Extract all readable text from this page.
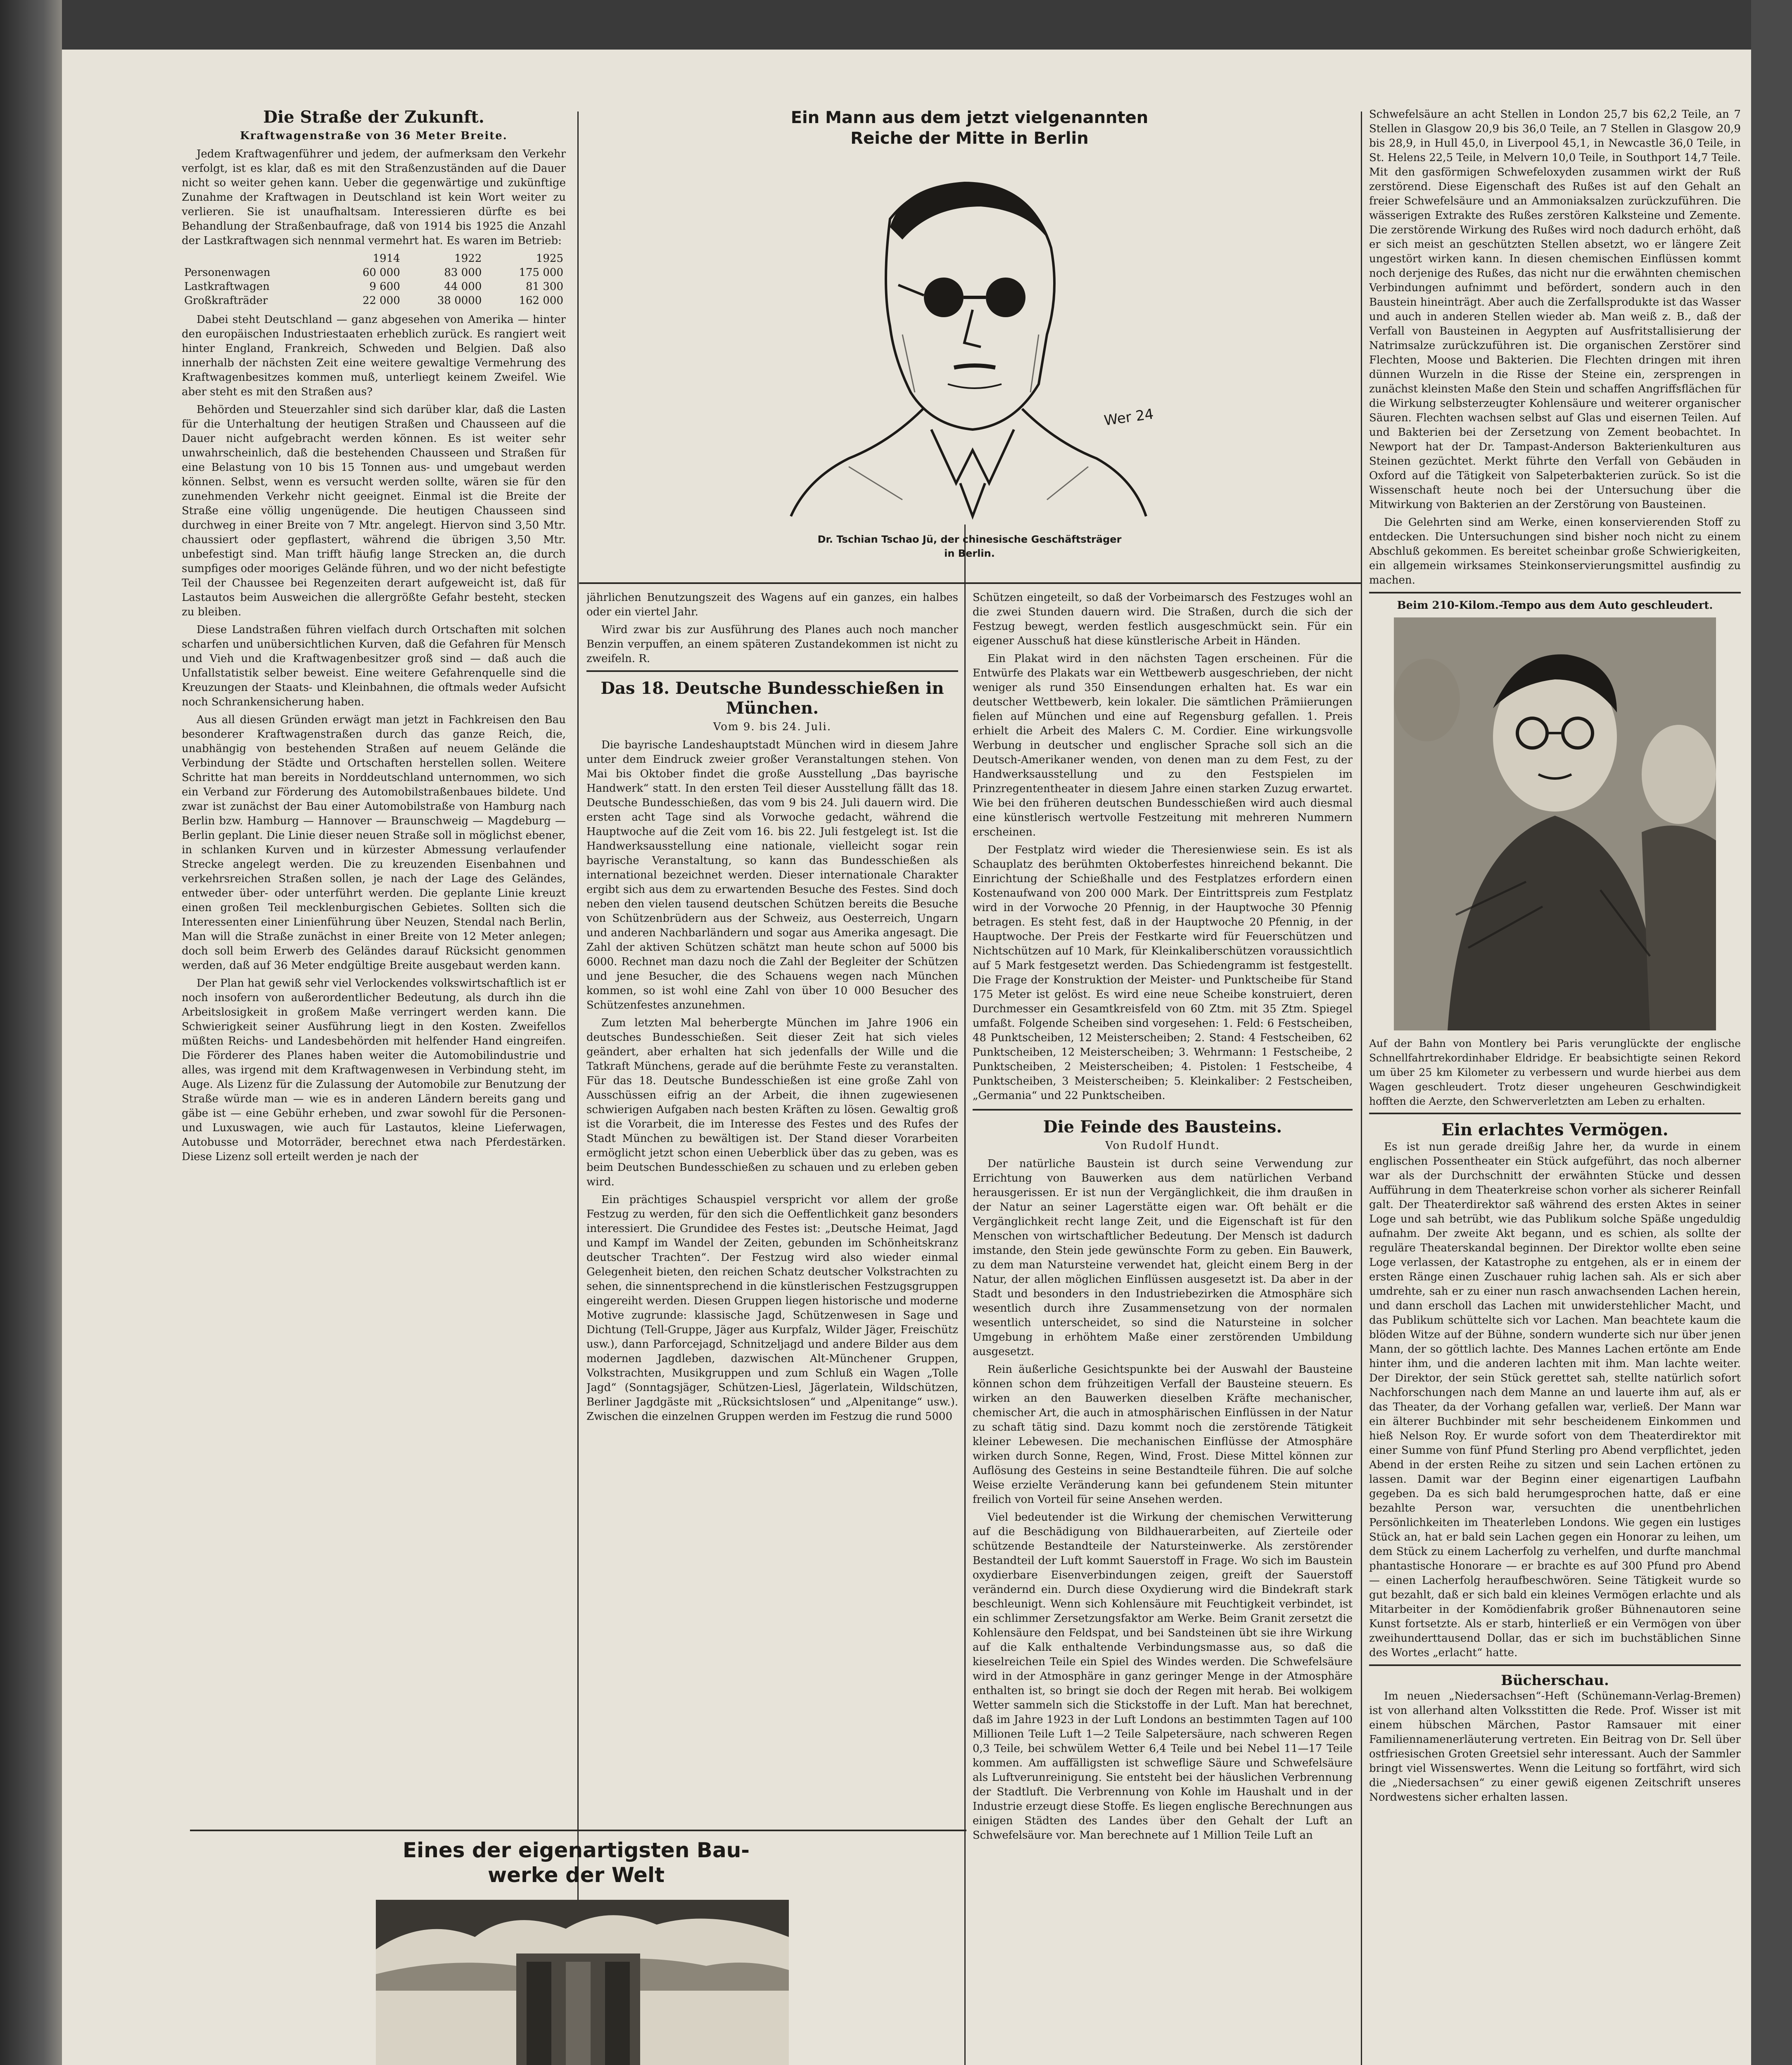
Die Straße der Zukunft.
Kraftwagenstraße von 36 Meter Breite.

Jedem Kraftwagenführer und jedem, der aufmerksam den Verkehr verfolgt, ist es klar, daß es mit den Straßenzuständen auf die Dauer nicht so weiter gehen kann. Ueber die gegenwärtige und zukünftige Zunahme der Kraftwagen in Deutschland ist kein Wort weiter zu verlieren. Sie ist unaufhaltsam. Interessieren dürfte es bei Behandlung der Straßenbaufrage, daß von 1914 bis 1925 die Anzahl der Lastkraftwagen sich nennmal vermehrt hat. Es waren im Betrieb:

	1914	1922	1925
Personenwagen	60 000	83 000	175 000
Lastkraftwagen	9 600	44 000	81 300
Großkrafträder	22 000	38 0000	162 000

Dabei steht Deutschland — ganz abgesehen von Amerika — hinter den europäischen Industriestaaten erheblich zurück. Es rangiert weit hinter England, Frankreich, Schweden und Belgien. Daß also innerhalb der nächsten Zeit eine weitere gewaltige Vermehrung des Kraftwagenbesitzes kommen muß, unterliegt keinem Zweifel. Wie aber steht es mit den Straßen aus?

Behörden und Steuerzahler sind sich darüber klar, daß die Lasten für die Unterhaltung der heutigen Straßen und Chausseen auf die Dauer nicht aufgebracht werden können. Es ist weiter sehr unwahrscheinlich, daß die bestehenden Chausseen und Straßen für eine Belastung von 10 bis 15 Tonnen aus- und umgebaut werden können. Selbst, wenn es versucht werden sollte, wären sie für den zunehmenden Verkehr nicht geeignet. Einmal ist die Breite der Straße eine völlig ungenügende. Die heutigen Chausseen sind durchweg in einer Breite von 7 Mtr. angelegt. Hiervon sind 3,50 Mtr. chaussiert oder gepflastert, während die übrigen 3,50 Mtr. unbefestigt sind. Man trifft häufig lange Strecken an, die durch sumpfiges oder mooriges Gelände führen, und wo der nicht befestigte Teil der Chaussee bei Regenzeiten derart aufgeweicht ist, daß für Lastautos beim Ausweichen die allergrößte Gefahr besteht, stecken zu bleiben.

Diese Landstraßen führen vielfach durch Ortschaften mit solchen scharfen und unübersichtlichen Kurven, daß die Gefahren für Mensch und Vieh und die Kraftwagenbesitzer groß sind — daß auch die Unfallstatistik selber beweist. Eine weitere Gefahrenquelle sind die Kreuzungen der Staats- und Kleinbahnen, die oftmals weder Aufsicht noch Schrankensicherung haben.

Aus all diesen Gründen erwägt man jetzt in Fachkreisen den Bau besonderer Kraftwagenstraßen durch das ganze Reich, die, unabhängig von bestehenden Straßen auf neuem Gelände die Verbindung der Städte und Ortschaften herstellen sollen. Weitere Schritte hat man bereits in Norddeutschland unternommen, wo sich ein Verband zur Förderung des Automobilstraßenbaues bildete. Und zwar ist zunächst der Bau einer Automobilstraße von Hamburg nach Berlin bzw. Hamburg — Hannover — Braunschweig — Magdeburg — Berlin geplant. Die Linie dieser neuen Straße soll in möglichst ebener, in schlanken Kurven und in kürzester Abmessung verlaufender Strecke angelegt werden. Die zu kreuzenden Eisenbahnen und verkehrsreichen Straßen sollen, je nach der Lage des Geländes, entweder über- oder unterführt werden. Die geplante Linie kreuzt einen großen Teil mecklenburgischen Gebietes. Sollten sich die Interessenten einer Linienführung über Neuzen, Stendal nach Berlin, Man will die Straße zunächst in einer Breite von 12 Meter anlegen; doch soll beim Erwerb des Geländes darauf Rücksicht genommen werden, daß auf 36 Meter endgültige Breite ausgebaut werden kann.

Der Plan hat gewiß sehr viel Verlockendes volkswirtschaftlich ist er noch insofern von außerordentlicher Bedeutung, als durch ihn die Arbeitslosigkeit in großem Maße verringert werden kann. Die Schwierigkeit seiner Ausführung liegt in den Kosten. Zweifellos müßten Reichs- und Landesbehörden mit helfender Hand eingreifen. Die Förderer des Planes haben weiter die Automobilindustrie und alles, was irgend mit dem Kraftwagenwesen in Verbindung steht, im Auge. Als Lizenz für die Zulassung der Automobile zur Benutzung der Straße würde man — wie es in anderen Ländern bereits gang und gäbe ist — eine Gebühr erheben, und zwar sowohl für die Personen- und Luxuswagen, wie auch für Lastautos, kleine Lieferwagen, Autobusse und Motorräder, berechnet etwa nach Pferdestärken. Diese Lizenz soll erteilt werden je nach der

Ein Mann aus dem jetzt vielgenannten
Reiche der Mitte in Berlin
Wer 24
Dr. Tschian Tschao Jü, der chinesische Geschäftsträger
in Berlin.

jährlichen Benutzungszeit des Wagens auf ein ganzes, ein halbes oder ein viertel Jahr.

Wird zwar bis zur Ausführung des Planes auch noch mancher Benzin verpuffen, an einem späteren Zustandekommen ist nicht zu zweifeln. R.

Das 18. Deutsche Bundesschießen in München.
Vom 9. bis 24. Juli.

Die bayrische Landeshauptstadt München wird in diesem Jahre unter dem Eindruck zweier großer Veranstaltungen stehen. Von Mai bis Oktober findet die große Ausstellung „Das bayrische Handwerk“ statt. In den ersten Teil dieser Ausstellung fällt das 18. Deutsche Bundesschießen, das vom 9 bis 24. Juli dauern wird. Die ersten acht Tage sind als Vorwoche gedacht, während die Hauptwoche auf die Zeit vom 16. bis 22. Juli festgelegt ist. Ist die Handwerksausstellung eine nationale, vielleicht sogar rein bayrische Veranstaltung, so kann das Bundesschießen als international bezeichnet werden. Dieser internationale Charakter ergibt sich aus dem zu erwartenden Besuche des Festes. Sind doch neben den vielen tausend deutschen Schützen bereits die Besuche von Schützenbrüdern aus der Schweiz, aus Oesterreich, Ungarn und anderen Nachbarländern und sogar aus Amerika angesagt. Die Zahl der aktiven Schützen schätzt man heute schon auf 5000 bis 6000. Rechnet man dazu noch die Zahl der Begleiter der Schützen und jene Besucher, die des Schauens wegen nach München kommen, so ist wohl eine Zahl von über 10 000 Besucher des Schützenfestes anzunehmen.

Zum letzten Mal beherbergte München im Jahre 1906 ein deutsches Bundesschießen. Seit dieser Zeit hat sich vieles geändert, aber erhalten hat sich jedenfalls der Wille und die Tatkraft Münchens, gerade auf die berühmte Feste zu veranstalten. Für das 18. Deutsche Bundesschießen ist eine große Zahl von Ausschüssen eifrig an der Arbeit, die ihnen zugewiesenen schwierigen Aufgaben nach besten Kräften zu lösen. Gewaltig groß ist die Vorarbeit, die im Interesse des Festes und des Rufes der Stadt München zu bewältigen ist. Der Stand dieser Vorarbeiten ermöglicht jetzt schon einen Ueberblick über das zu geben, was es beim Deutschen Bundesschießen zu schauen und zu erleben geben wird.

Ein prächtiges Schauspiel verspricht vor allem der große Festzug zu werden, für den sich die Oeffentlichkeit ganz besonders interessiert. Die Grundidee des Festes ist: „Deutsche Heimat, Jagd und Kampf im Wandel der Zeiten, gebunden im Schönheitskranz deutscher Trachten“. Der Festzug wird also wieder einmal Gelegenheit bieten, den reichen Schatz deutscher Volkstrachten zu sehen, die sinnentsprechend in die künstlerischen Festzugsgruppen eingereiht werden. Diesen Gruppen liegen historische und moderne Motive zugrunde: klassische Jagd, Schützenwesen in Sage und Dichtung (Tell-Gruppe, Jäger aus Kurpfalz, Wilder Jäger, Freischütz usw.), dann Parforcejagd, Schnitzeljagd und andere Bilder aus dem modernen Jagdleben, dazwischen Alt-Münchener Gruppen, Volkstrachten, Musikgruppen und zum Schluß ein Wagen „Tolle Jagd“ (Sonntagsjäger, Schützen-Liesl, Jägerlatein, Wildschützen, Berliner Jagdgäste mit „Rücksichtslosen“ und „Alpenitange“ usw.). Zwischen die einzelnen Gruppen werden im Festzug die rund 5000

Schützen eingeteilt, so daß der Vorbeimarsch des Festzuges wohl an die zwei Stunden dauern wird. Die Straßen, durch die sich der Festzug bewegt, werden festlich ausgeschmückt sein. Für ein eigener Ausschuß hat diese künstlerische Arbeit in Händen.

Ein Plakat wird in den nächsten Tagen erscheinen. Für die Entwürfe des Plakats war ein Wettbewerb ausgeschrieben, der nicht weniger als rund 350 Einsendungen erhalten hat. Es war ein deutscher Wettbewerb, kein lokaler. Die sämtlichen Prämiierungen fielen auf München und eine auf Regensburg gefallen. 1. Preis erhielt die Arbeit des Malers C. M. Cordier. Eine wirkungsvolle Werbung in deutscher und englischer Sprache soll sich an die Deutsch-Amerikaner wenden, von denen man zu dem Fest, zu der Handwerksausstellung und zu den Festspielen im Prinzregententheater in diesem Jahre einen starken Zuzug erwartet. Wie bei den früheren deutschen Bundesschießen wird auch diesmal eine künstlerisch wertvolle Festzeitung mit mehreren Nummern erscheinen.

Der Festplatz wird wieder die Theresienwiese sein. Es ist als Schauplatz des berühmten Oktoberfestes hinreichend bekannt. Die Einrichtung der Schießhalle und des Festplatzes erfordern einen Kostenaufwand von 200 000 Mark. Der Eintrittspreis zum Festplatz wird in der Vorwoche 20 Pfennig, in der Hauptwoche 30 Pfennig betragen. Es steht fest, daß in der Hauptwoche 20 Pfennig, in der Hauptwoche. Der Preis der Festkarte wird für Feuerschützen und Nichtschützen auf 10 Mark, für Kleinkaliberschützen voraussichtlich auf 5 Mark festgesetzt werden. Das Schiedengramm ist festgestellt. Die Frage der Konstruktion der Meister- und Punktscheibe für Stand 175 Meter ist gelöst. Es wird eine neue Scheibe konstruiert, deren Durchmesser ein Gesamtkreisfeld von 60 Ztm. mit 35 Ztm. Spiegel umfaßt. Folgende Scheiben sind vorgesehen: 1. Feld: 6 Festscheiben, 48 Punktscheiben, 12 Meisterscheiben; 2. Stand: 4 Festscheiben, 62 Punktscheiben, 12 Meisterscheiben; 3. Wehrmann: 1 Festscheibe, 2 Punktscheiben, 2 Meisterscheiben; 4. Pistolen: 1 Festscheibe, 4 Punktscheiben, 3 Meisterscheiben; 5. Kleinkaliber: 2 Festscheiben, „Germania“ und 22 Punktscheiben.

Die Feinde des Bausteins.
Von Rudolf Hundt.

Der natürliche Baustein ist durch seine Verwendung zur Errichtung von Bauwerken aus dem natürlichen Verband herausgerissen. Er ist nun der Vergänglichkeit, die ihm draußen in der Natur an seiner Lagerstätte eigen war. Oft behält er die Vergänglichkeit recht lange Zeit, und die Eigenschaft ist für den Menschen von wirtschaftlicher Bedeutung. Der Mensch ist dadurch imstande, den Stein jede gewünschte Form zu geben. Ein Bauwerk, zu dem man Natursteine verwendet hat, gleicht einem Berg in der Natur, der allen möglichen Einflüssen ausgesetzt ist. Da aber in der Stadt und besonders in den Industriebezirken die Atmosphäre sich wesentlich durch ihre Zusammensetzung von der normalen wesentlich unterscheidet, so sind die Natursteine in solcher Umgebung in erhöhtem Maße einer zerstörenden Umbildung ausgesetzt.

Rein äußerliche Gesichtspunkte bei der Auswahl der Bausteine können schon dem frühzeitigen Verfall der Bausteine steuern. Es wirken an den Bauwerken dieselben Kräfte mechanischer, chemischer Art, die auch in atmosphärischen Einflüssen in der Natur zu schaft tätig sind. Dazu kommt noch die zerstörende Tätigkeit kleiner Lebewesen. Die mechanischen Einflüsse der Atmosphäre wirken durch Sonne, Regen, Wind, Frost. Diese Mittel können zur Auflösung des Gesteins in seine Bestandteile führen. Die auf solche Weise erzielte Veränderung kann bei gefundenem Stein mitunter freilich von Vorteil für seine Ansehen werden.

Viel bedeutender ist die Wirkung der chemischen Verwitterung auf die Beschädigung von Bildhauerarbeiten, auf Zierteile oder schützende Bestandteile der Natursteinwerke. Als zerstörender Bestandteil der Luft kommt Sauerstoff in Frage. Wo sich im Baustein oxydierbare Eisenverbindungen zeigen, greift der Sauerstoff verändernd ein. Durch diese Oxydierung wird die Bindekraft stark beschleunigt. Wenn sich Kohlensäure mit Feuchtigkeit verbindet, ist ein schlimmer Zersetzungsfaktor am Werke. Beim Granit zersetzt die Kohlensäure den Feldspat, und bei Sandsteinen übt sie ihre Wirkung auf die Kalk enthaltende Verbindungsmasse aus, so daß die kieselreichen Teile ein Spiel des Windes werden. Die Schwefelsäure wird in der Atmosphäre in ganz geringer Menge in der Atmosphäre enthalten ist, so bringt sie doch der Regen mit herab. Bei wolkigem Wetter sammeln sich die Stickstoffe in der Luft. Man hat berechnet, daß im Jahre 1923 in der Luft Londons an bestimmten Tagen auf 100 Millionen Teile Luft 1—2 Teile Salpetersäure, nach schweren Regen 0,3 Teile, bei schwülem Wetter 6,4 Teile und bei Nebel 11—17 Teile kommen. Am auffälligsten ist schweflige Säure und Schwefelsäure als Luftverunreinigung. Sie entsteht bei der häuslichen Verbrennung der Stadtluft. Die Verbrennung von Kohle im Haushalt und in der Industrie erzeugt diese Stoffe. Es liegen englische Berechnungen aus einigen Städten des Landes über den Gehalt der Luft an Schwefelsäure vor. Man berechnete auf 1 Million Teile Luft an

Eines der eigenartigsten Bau-
werke der Welt

Schwefelsäure an acht Stellen in London 25,7 bis 62,2 Teile, an 7 Stellen in Glasgow 20,9 bis 36,0 Teile, an 7 Stellen in Glasgow 20,9 bis 28,9, in Hull 45,0, in Liverpool 45,1, in Newcastle 36,0 Teile, in St. Helens 22,5 Teile, in Melvern 10,0 Teile, in Southport 14,7 Teile. Mit den gasförmigen Schwefeloxyden zusammen wirkt der Ruß zerstörend. Diese Eigenschaft des Rußes ist auf den Gehalt an freier Schwefelsäure und an Ammoniaksalzen zurückzuführen. Die wässerigen Extrakte des Rußes zerstören Kalksteine und Zemente. Die zerstörende Wirkung des Rußes wird noch dadurch erhöht, daß er sich meist an geschützten Stellen absetzt, wo er längere Zeit ungestört wirken kann. In diesen chemischen Einflüssen kommt noch derjenige des Rußes, das nicht nur die erwähnten chemischen Verbindungen aufnimmt und befördert, sondern auch in den Baustein hineinträgt. Aber auch die Zerfallsprodukte ist das Wasser und auch in anderen Stellen wieder ab. Man weiß z. B., daß der Verfall von Bausteinen in Aegypten auf Ausfritstallisierung der Natrimsalze zurückzuführen ist. Die organischen Zerstörer sind Flechten, Moose und Bakterien. Die Flechten dringen mit ihren dünnen Wurzeln in die Risse der Steine ein, zersprengen in zunächst kleinsten Maße den Stein und schaffen Angriffsflächen für die Wirkung selbsterzeugter Kohlensäure und weiterer organischer Säuren. Flechten wachsen selbst auf Glas und eisernen Teilen. Auf und Bakterien bei der Zersetzung von Zement beobachtet. In Newport hat der Dr. Tampast-Anderson Bakterienkulturen aus Steinen gezüchtet. Merkt führte den Verfall von Gebäuden in Oxford auf die Tätigkeit von Salpeterbakterien zurück. So ist die Wissenschaft heute noch bei der Untersuchung über die Mitwirkung von Bakterien an der Zerstörung von Bausteinen.

Die Gelehrten sind am Werke, einen konservierenden Stoff zu entdecken. Die Untersuchungen sind bisher noch nicht zu einem Abschluß gekommen. Es bereitet scheinbar große Schwierigkeiten, ein allgemein wirksames Steinkonservierungsmittel ausfindig zu machen.

Beim 210-Kilom.-Tempo aus dem Auto geschleudert.

Auf der Bahn von Montlery bei Paris verunglückte der englische Schnellfahrtrekordinhaber Eldridge. Er beabsichtigte seinen Rekord um über 25 km Kilometer zu verbessern und wurde hierbei aus dem Wagen geschleudert. Trotz dieser ungeheuren Geschwindigkeit hofften die Aerzte, den Schwerverletzten am Leben zu erhalten.

Ein erlachtes Vermögen.

Es ist nun gerade dreißig Jahre her, da wurde in einem englischen Possentheater ein Stück aufgeführt, das noch alberner war als der Durchschnitt der erwähnten Stücke und dessen Aufführung in dem Theaterkreise schon vorher als sicherer Reinfall galt. Der Theaterdirektor saß während des ersten Aktes in seiner Loge und sah betrübt, wie das Publikum solche Späße ungeduldig aufnahm. Der zweite Akt begann, und es schien, als sollte der reguläre Theaterskandal beginnen. Der Direktor wollte eben seine Loge verlassen, der Katastrophe zu entgehen, als er in einem der ersten Ränge einen Zuschauer ruhig lachen sah. Als er sich aber umdrehte, sah er zu einer nun rasch anwachsenden Lachen herein, und dann erscholl das Lachen mit unwiderstehlicher Macht, und das Publikum schüttelte sich vor Lachen. Man beachtete kaum die blöden Witze auf der Bühne, sondern wunderte sich nur über jenen Mann, der so göttlich lachte. Des Mannes Lachen ertönte am Ende hinter ihm, und die anderen lachten mit ihm. Man lachte weiter. Der Direktor, der sein Stück gerettet sah, stellte natürlich sofort Nachforschungen nach dem Manne an und lauerte ihm auf, als er das Theater, da der Vorhang gefallen war, verließ. Der Mann war ein älterer Buchbinder mit sehr bescheidenem Einkommen und hieß Nelson Roy. Er wurde sofort von dem Theaterdirektor mit einer Summe von fünf Pfund Sterling pro Abend verpflichtet, jeden Abend in der ersten Reihe zu sitzen und sein Lachen ertönen zu lassen. Damit war der Beginn einer eigenartigen Laufbahn gegeben. Da es sich bald herumgesprochen hatte, daß er eine bezahlte Person war, versuchten die unentbehrlichen Persönlichkeiten im Theaterleben Londons. Wie gegen ein lustiges Stück an, hat er bald sein Lachen gegen ein Honorar zu leihen, um dem Stück zu einem Lacherfolg zu verhelfen, und durfte manchmal phantastische Honorare — er brachte es auf 300 Pfund pro Abend — einen Lacherfolg heraufbeschwören. Seine Tätigkeit wurde so gut bezahlt, daß er sich bald ein kleines Vermögen erlachte und als Mitarbeiter in der Komödienfabrik großer Bühnenautoren seine Kunst fortsetzte. Als er starb, hinterließ er ein Vermögen von über zweihunderttausend Dollar, das er sich im buchstäblichen Sinne des Wortes „erlacht“ hatte.

Bücherschau.

Im neuen „Niedersachsen“-Heft (Schünemann-Verlag-Bremen) ist von allerhand alten Volksstitten die Rede. Prof. Wisser ist mit einem hübschen Märchen, Pastor Ramsauer mit einer Familiennamenerläuterung vertreten. Ein Beitrag von Dr. Sell über ostfriesischen Groten Greetsiel sehr interessant. Auch der Sammler bringt viel Wissenswertes. Wenn die Leitung so fortfährt, wird sich die „Niedersachsen“ zu einer gewiß eigenen Zeitschrift unseres Nordwestens sicher erhalten lassen.
